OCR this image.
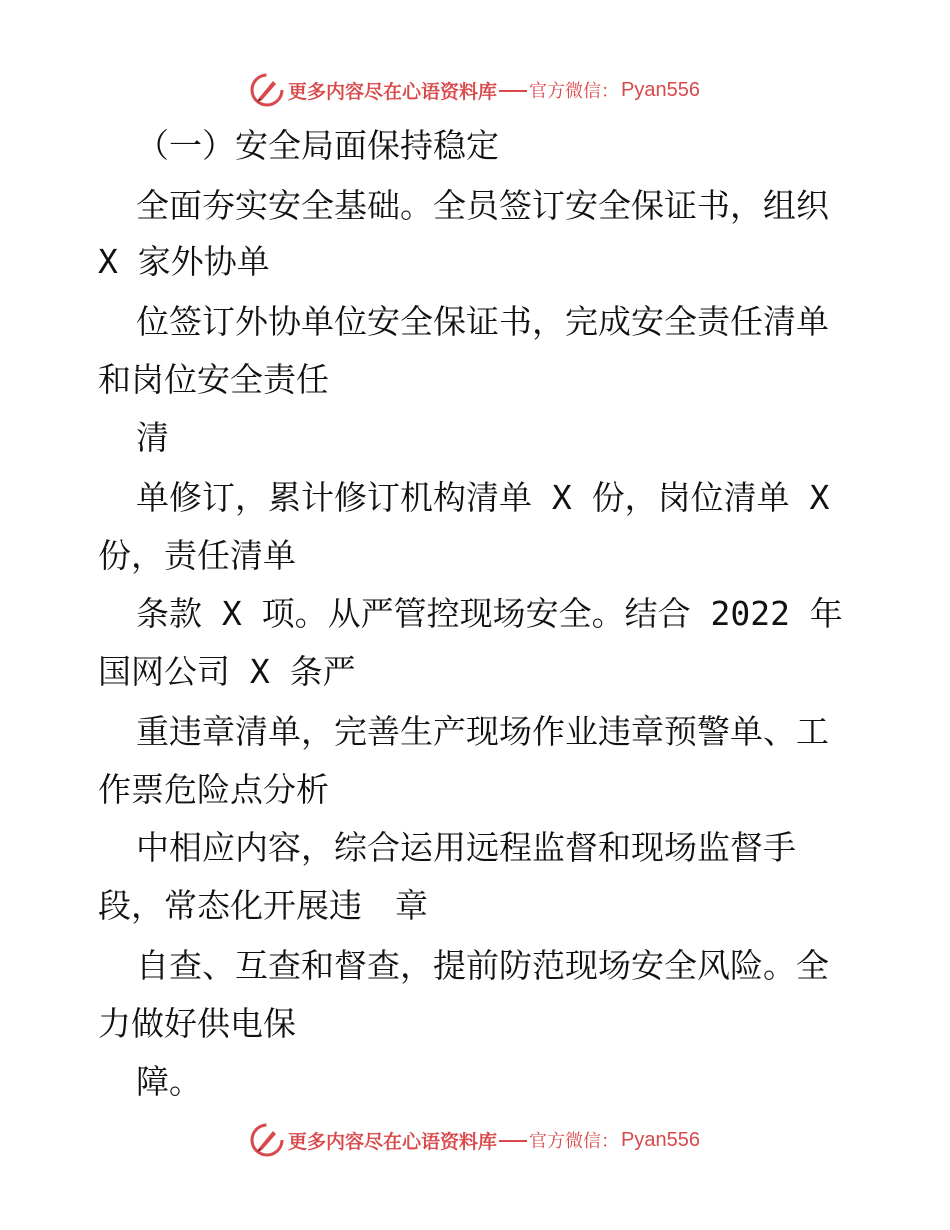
更多内容尽在心语资料库 官方微信： Pyan556
（一）安全局面保持稳定
全面夯实安全基础。全员签订安全保证书，组织
X 家外协单
位签订外协单位安全保证书，完成安全责任清单
和岗位安全责任
清
单修订，累计修订机构清单 X 份，岗位清单 X
份，责任清单
条款 X 项。从严管控现场安全。结合 2022 年
国网公司 X 条严
重违章清单，完善生产现场作业违章预警单、工
作票危险点分析
中相应内容，综合运用远程监督和现场监督手
段，常态化开展违　章
自查、互查和督查，提前防范现场安全风险。全
力做好供电保
障。
更多内容尽在心语资料库 官方微信： Pyan556
